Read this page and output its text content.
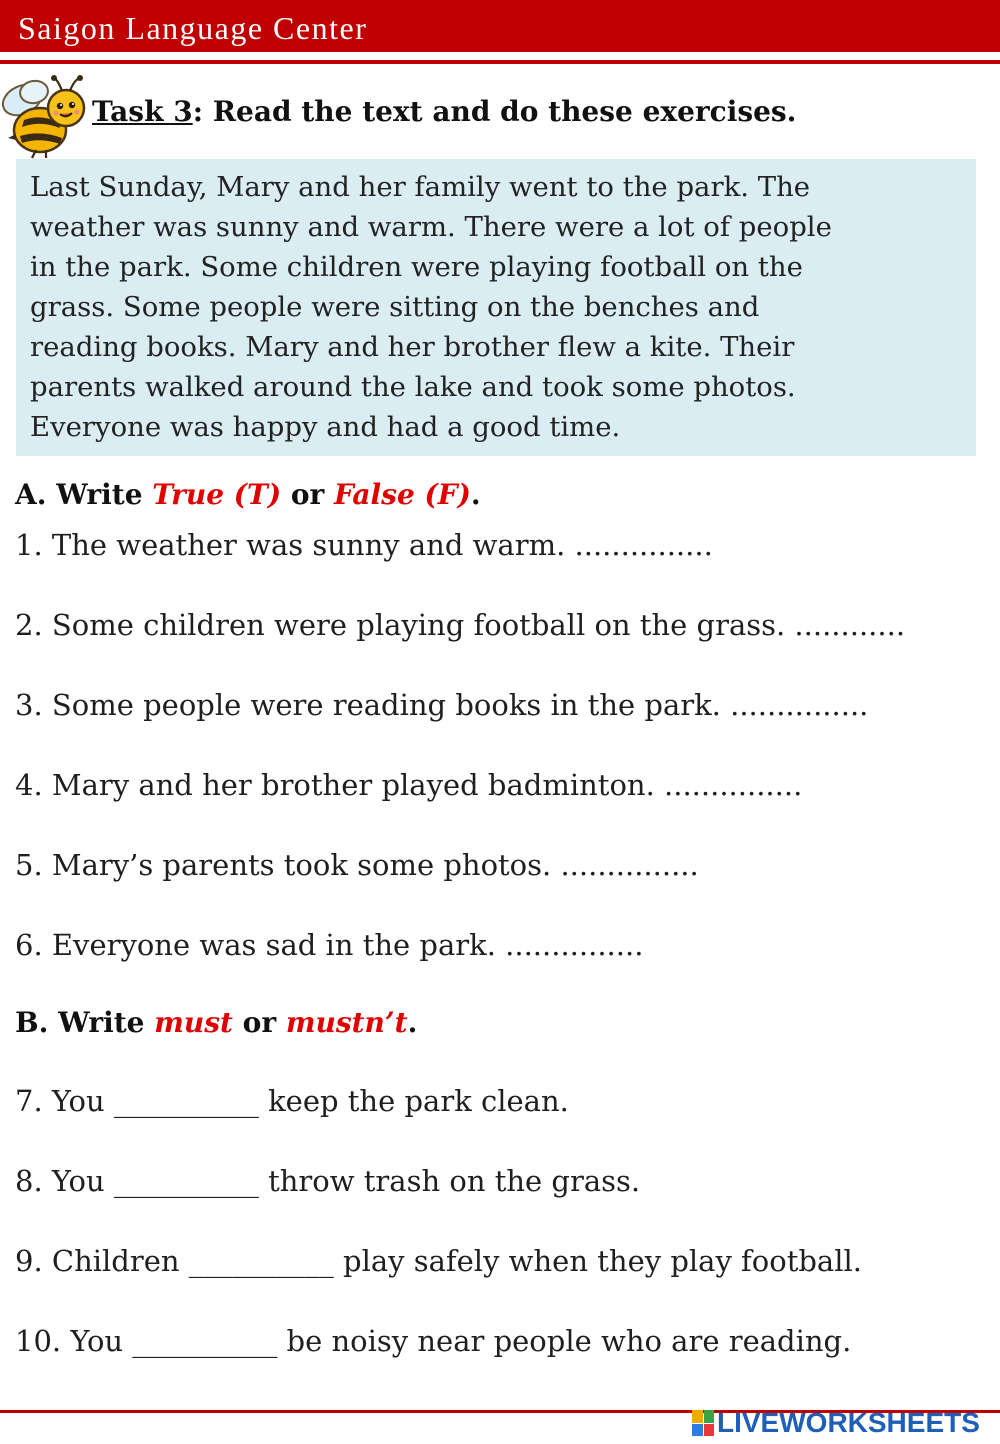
Saigon Language Center
Task 3: Read the text and do these exercises.
Last Sunday, Mary and her family went to the park. The
weather was sunny and warm. There were a lot of people
in the park. Some children were playing football on the
grass. Some people were sitting on the benches and
reading books. Mary and her brother flew a kite. Their
parents walked around the lake and took some photos.
Everyone was happy and had a good time.
A. Write True (T) or False (F).
1. The weather was sunny and warm. ...............
2. Some children were playing football on the grass. ............
3. Some people were reading books in the park. ...............
4. Mary and her brother played badminton. ...............
5. Mary’s parents took some photos. ...............
6. Everyone was sad in the park. ...............
B. Write must or mustn’t.
7. You __________ keep the park clean.
8. You __________ throw trash on the grass.
9. Children __________ play safely when they play football.
10. You __________ be noisy near people who are reading.
LIVEWORKSHEETS
